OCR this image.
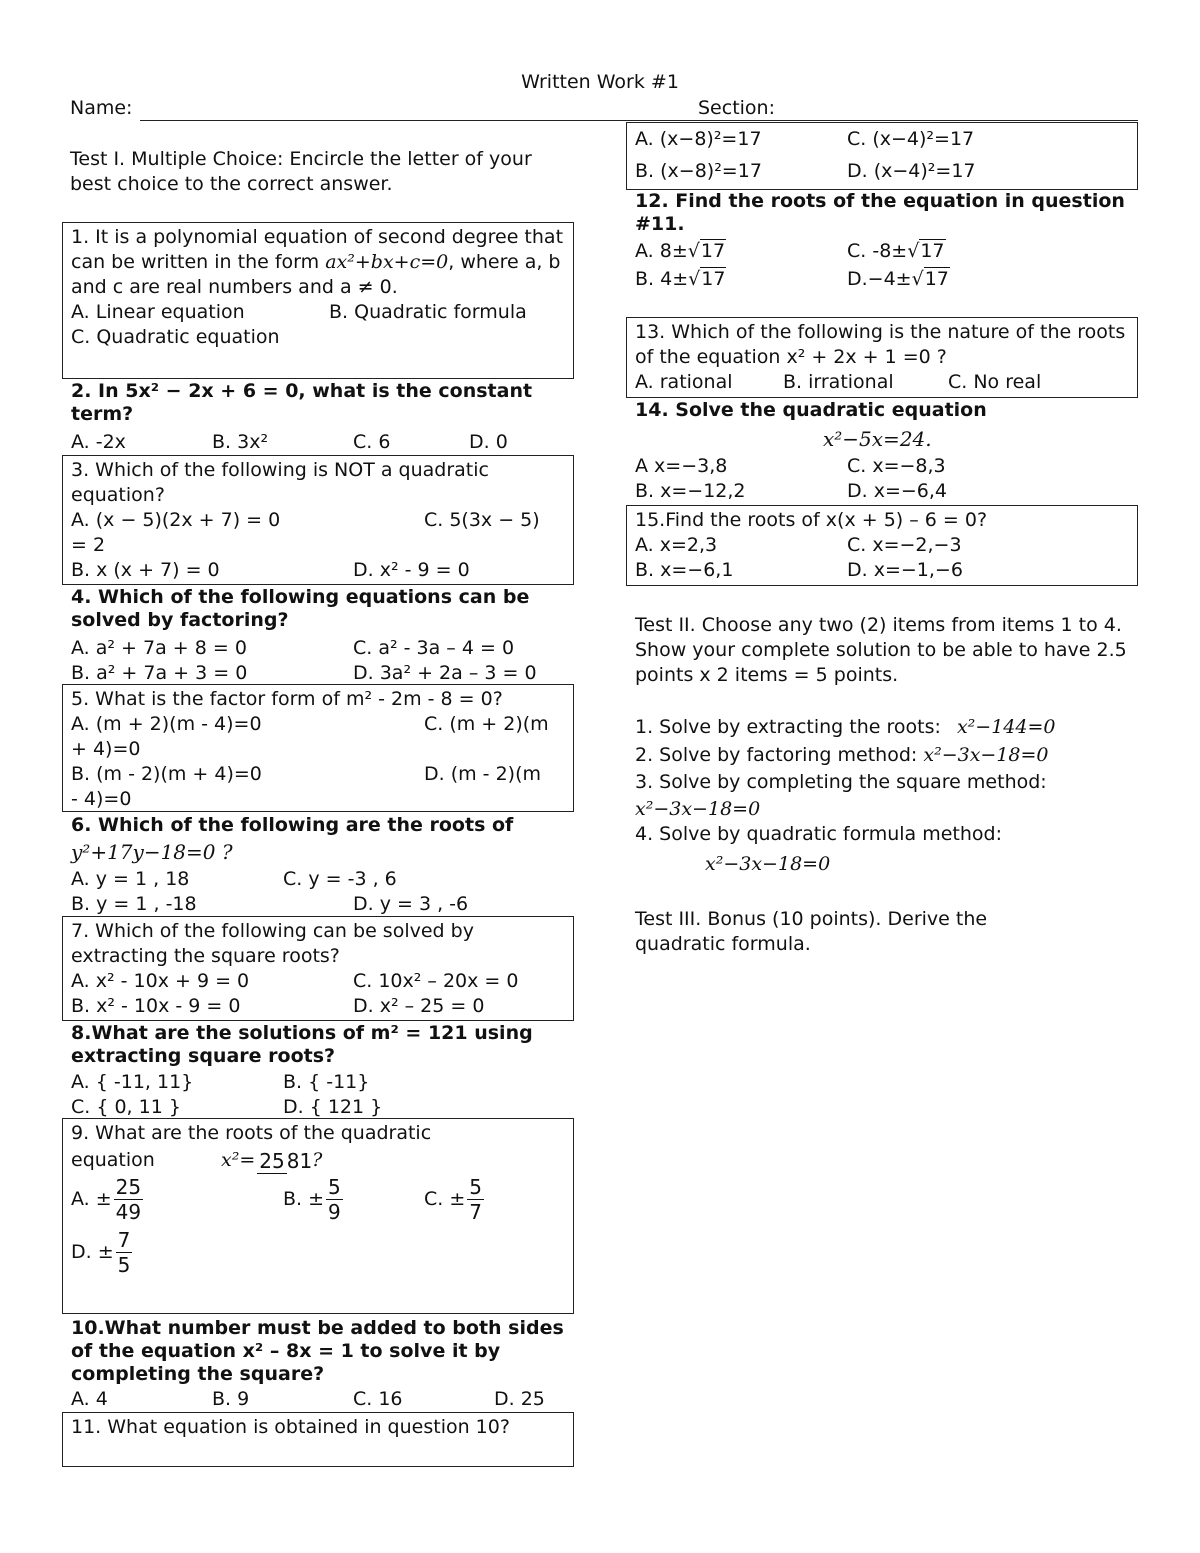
Written Work #1
Name:	Section:
Test I. Multiple Choice: Encircle the letter of your best choice to the correct answer.
1. It is a polynomial equation of second degree that can be written in the form ax²+bx+c=0, where a, b and c are real numbers and a ≠ 0.
A. Linear equation	B. Quadratic formula
C. Quadratic equation
2. In 5x² − 2x + 6 = 0, what is the constant term?
A. -2x	B. 3x²	C. 6	D. 0
3. Which of the following is NOT a quadratic equation?
A. (x − 5)(2x + 7) = 0	C. 5(3x − 5)
= 2
B. x (x + 7) = 0	D. x² - 9 = 0
4. Which of the following equations can be solved by factoring?
A. a² + 7a + 8 = 0	C. a² - 3a – 4 = 0
B. a² + 7a + 3 = 0	D. 3a² + 2a – 3 = 0
5. What is the factor form of m² - 2m - 8 = 0?
A. (m + 2)(m - 4)=0	C. (m + 2)(m
+ 4)=0
B. (m - 2)(m + 4)=0	D. (m - 2)(m
- 4)=0
6. Which of the following are the roots of
y²+17y−18=0 ?
A. y = 1 , 18	C. y = -3 , 6
B. y = 1 , -18	D. y = 3 , -6
7. Which of the following can be solved by extracting the square roots?
A. x² - 10x + 9 = 0	C. 10x² – 20x = 0
B. x² - 10x - 9 = 0	D. x² – 25 = 0
8.What are the solutions of m² = 121 using extracting square roots?
A. { -11, 11}	B. { -11}
C. { 0, 11 }	D. { 121 }
9. What are the roots of the quadratic
equation	x²= 25 81 ?
A. ± $\frac{25}{49}$	B. ± $\frac{5}{9}$	C. ± $\frac{5}{7}$
D. ± $\frac{7}{5}$
10.What number must be added to both sides of the equation x² – 8x = 1 to solve it by completing the square?
A. 4	B. 9	C. 16	D. 25
11. What equation is obtained in question 10?
A. (x−8)²=17	C. (x−4)²=17
B. (x−8)²=17	D. (x−4)²=17
12. Find the roots of the equation in question #11.
A. 8±√17	C. -8±√17
B. 4±√17	D.−4±√17
13. Which of the following is the nature of the roots of the equation x² + 2x + 1 =0 ?
A. rational	B. irrational	C. No real
14. Solve the quadratic equation
x²−5x=24.
A x=−3,8	C. x=−8,3
B. x=−12,2	D. x=−6,4
15.Find the roots of x(x + 5) – 6 = 0?
A. x=2,3	C. x=−2,−3
B. x=−6,1	D. x=−1,−6
Test II. Choose any two (2) items from items 1 to 4. Show your complete solution to be able to have 2.5 points x 2 items = 5 points.
1. Solve by extracting the roots: x²−144=0
2. Solve by factoring method: x²−3x−18=0
3. Solve by completing the square method:
x²−3x−18=0
4. Solve by quadratic formula method:
x²−3x−18=0
Test III. Bonus (10 points). Derive the quadratic formula.
